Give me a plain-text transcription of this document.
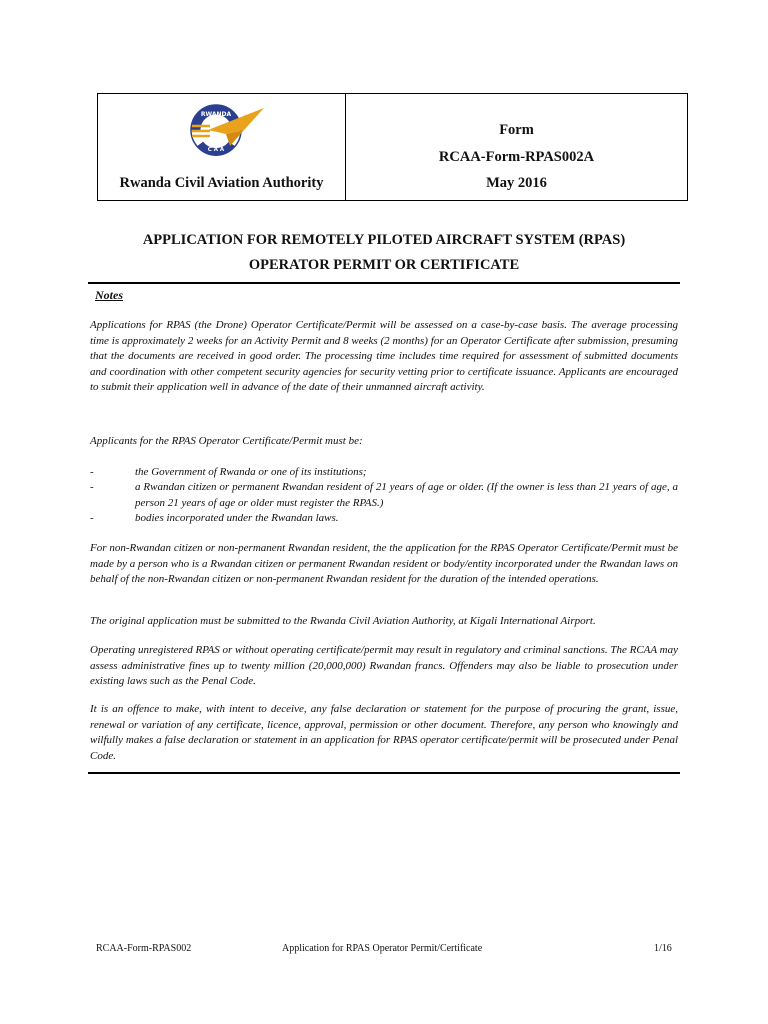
RWANDA
C A A
Rwanda Civil Aviation Authority
Form
RCAA-Form-RPAS002A
May 2016
APPLICATION FOR REMOTELY PILOTED AIRCRAFT SYSTEM (RPAS)
OPERATOR PERMIT OR CERTIFICATE
Notes

Applications for RPAS (the Drone) Operator Certificate/Permit will be assessed on a case-by-case basis. The average processing time is approximately 2 weeks for an Activity Permit and 8 weeks (2 months) for an Operator Certificate after submission, presuming that the documents are received in good order. The processing time includes time required for assessment of submitted documents and coordination with other competent security agencies for security vetting prior to certificate issuance. Applicants are encouraged to submit their application well in advance of the date of their unmanned aircraft activity.

Applicants for the RPAS Operator Certificate/Permit must be:

-	the Government of Rwanda or one of its institutions;
-	a Rwandan citizen or permanent Rwandan resident of 21 years of age or older. (If the owner is less than 21 years of age, a person 21 years of age or older must register the RPAS.)
-	bodies incorporated under the Rwandan laws.

For non-Rwandan citizen or non-permanent Rwandan resident, the the application for the RPAS Operator Certificate/Permit must be made by a person who is a Rwandan citizen or permanent Rwandan resident or body/entity incorporated under the Rwandan laws on behalf of the non-Rwandan citizen or non-permanent Rwandan resident for the duration of the intended operations.

The original application must be submitted to the Rwanda Civil Aviation Authority, at Kigali International Airport.

Operating unregistered RPAS or without operating certificate/permit may result in regulatory and criminal sanctions. The RCAA may assess administrative fines up to twenty million (20,000,000) Rwandan francs. Offenders may also be liable to prosecution under existing laws such as the Penal Code.

It is an offence to make, with intent to deceive, any false declaration or statement for the purpose of procuring the grant, issue, renewal or variation of any certificate, licence, approval, permission or other document. Therefore, any person who knowingly and wilfully makes a false declaration or statement in an application for RPAS operator certificate/permit will be prosecuted under Penal Code.

RCAA-Form-RPAS002	Application for RPAS Operator Permit/Certificate	1/16
